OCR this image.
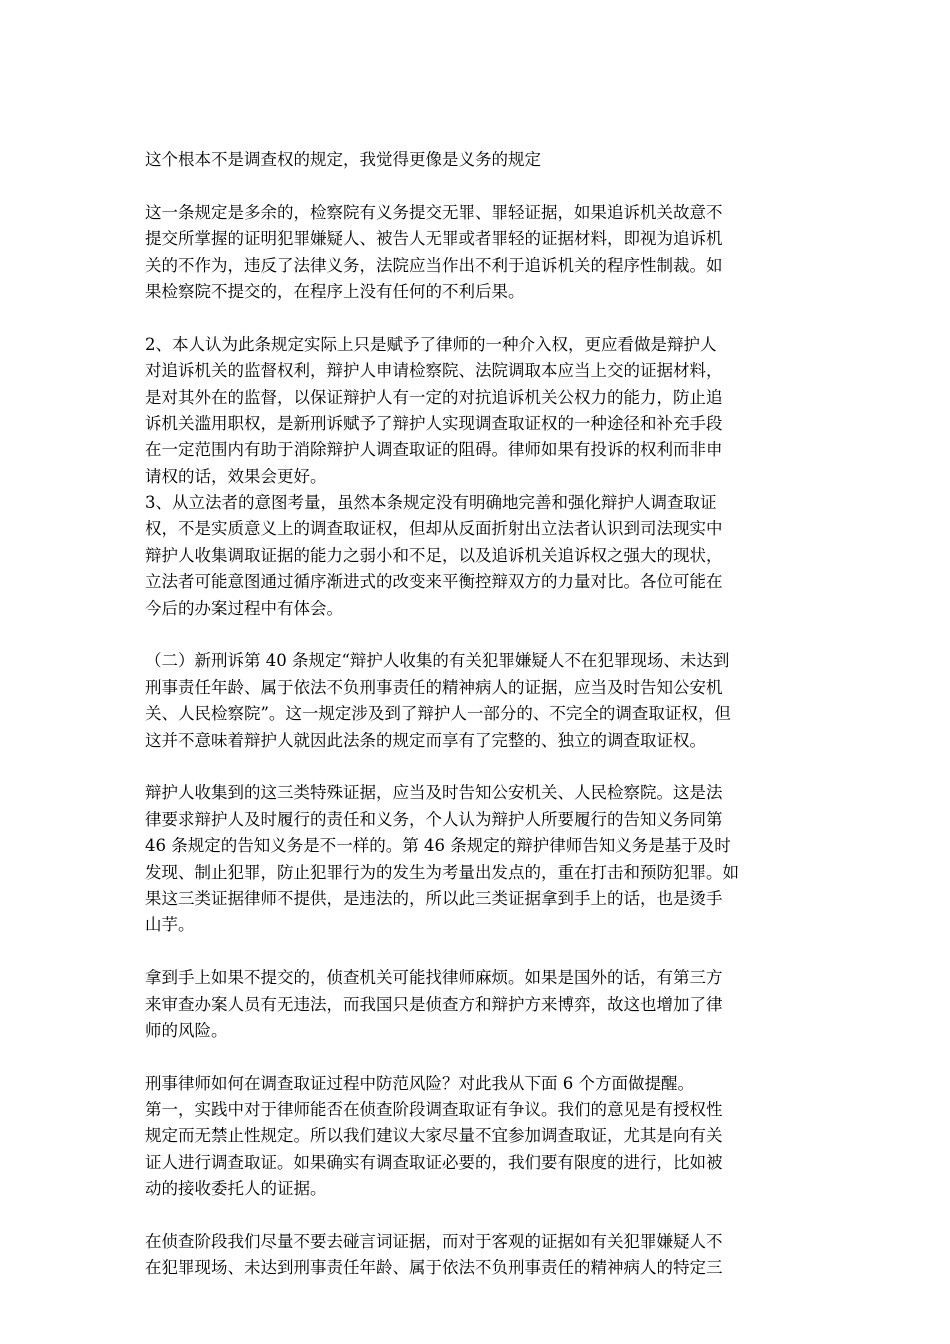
这个根本不是调查权的规定，我觉得更像是义务的规定
这一条规定是多余的，检察院有义务提交无罪、罪轻证据，如果追诉机关故意不
提交所掌握的证明犯罪嫌疑人、被告人无罪或者罪轻的证据材料，即视为追诉机
关的不作为，违反了法律义务，法院应当作出不利于追诉机关的程序性制裁。如
果检察院不提交的，在程序上没有任何的不利后果。
2、本人认为此条规定实际上只是赋予了律师的一种介入权，更应看做是辩护人
对追诉机关的监督权利，辩护人申请检察院、法院调取本应当上交的证据材料，
是对其外在的监督，以保证辩护人有一定的对抗追诉机关公权力的能力，防止追
诉机关滥用职权，是新刑诉赋予了辩护人实现调查取证权的一种途径和补充手段
在一定范围内有助于消除辩护人调查取证的阻碍。律师如果有投诉的权利而非申
请权的话，效果会更好。
3、从立法者的意图考量，虽然本条规定没有明确地完善和强化辩护人调查取证
权，不是实质意义上的调查取证权，但却从反面折射出立法者认识到司法现实中
辩护人收集调取证据的能力之弱小和不足，以及追诉机关追诉权之强大的现状，
立法者可能意图通过循序渐进式的改变来平衡控辩双方的力量对比。各位可能在
今后的办案过程中有体会。
（二）新刑诉第 40 条规定“辩护人收集的有关犯罪嫌疑人不在犯罪现场、未达到
刑事责任年龄、属于依法不负刑事责任的精神病人的证据，应当及时告知公安机
关、人民检察院”。这一规定涉及到了辩护人一部分的、不完全的调查取证权，但
这并不意味着辩护人就因此法条的规定而享有了完整的、独立的调查取证权。
辩护人收集到的这三类特殊证据，应当及时告知公安机关、人民检察院。这是法
律要求辩护人及时履行的责任和义务，个人认为辩护人所要履行的告知义务同第
46 条规定的告知义务是不一样的。第 46 条规定的辩护律师告知义务是基于及时
发现、制止犯罪，防止犯罪行为的发生为考量出发点的，重在打击和预防犯罪。如
果这三类证据律师不提供，是违法的，所以此三类证据拿到手上的话，也是烫手
山芋。
拿到手上如果不提交的，侦查机关可能找律师麻烦。如果是国外的话，有第三方
来审查办案人员有无违法，而我国只是侦查方和辩护方来博弈，故这也增加了律
师的风险。
刑事律师如何在调查取证过程中防范风险？对此我从下面 6 个方面做提醒。
第一，实践中对于律师能否在侦查阶段调查取证有争议。我们的意见是有授权性
规定而无禁止性规定。所以我们建议大家尽量不宜参加调查取证，尤其是向有关
证人进行调查取证。如果确实有调查取证必要的，我们要有限度的进行，比如被
动的接收委托人的证据。
在侦查阶段我们尽量不要去碰言词证据，而对于客观的证据如有关犯罪嫌疑人不
在犯罪现场、未达到刑事责任年龄、属于依法不负刑事责任的精神病人的特定三
